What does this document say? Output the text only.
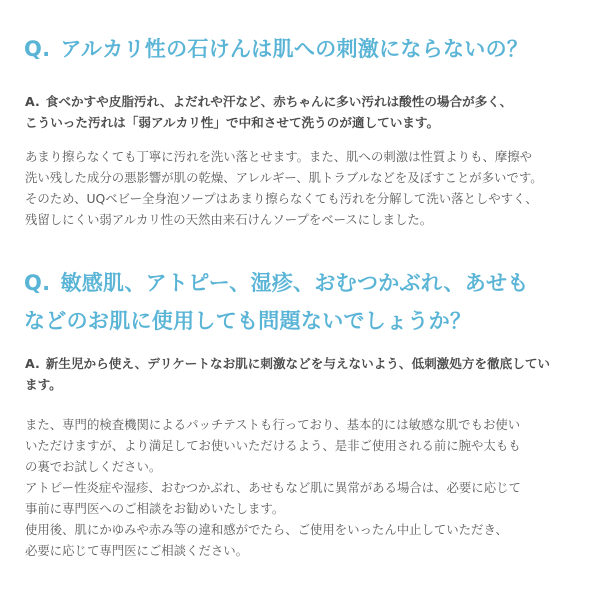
Q. アルカリ性の石けんは肌への刺激にならないの？

A. 食べかすや皮脂汚れ、よだれや汗など、赤ちゃんに多い汚れは酸性の場合が多く、
こういった汚れは「弱アルカリ性」で中和させて洗うのが適しています。

あまり擦らなくても丁寧に汚れを洗い落とせます。また、肌への刺激は性質よりも、摩擦や
洗い残した成分の悪影響が肌の乾燥、アレルギー、肌トラブルなどを及ぼすことが多いです。
そのため、UQベビー全身泡ソープはあまり擦らなくても汚れを分解して洗い落としやすく、
残留しにくい弱アルカリ性の天然由来石けんソープをベースにしました。

Q. 敏感肌、アトピー、湿疹、おむつかぶれ、あせも
などのお肌に使用しても問題ないでしょうか？

A. 新生児から使え、デリケートなお肌に刺激などを与えないよう、低刺激処方を徹底してい
ます。

また、専門的検査機関によるパッチテストも行っており、基本的には敏感な肌でもお使い
いただけますが、より満足してお使いいただけるよう、是非ご使用される前に腕や太もも
の裏でお試しください。
アトピー性炎症や湿疹、おむつかぶれ、あせもなど肌に異常がある場合は、必要に応じて
事前に専門医へのご相談をお勧めいたします。
使用後、肌にかゆみや赤み等の違和感がでたら、ご使用をいったん中止していただき、
必要に応じて専門医にご相談ください。
